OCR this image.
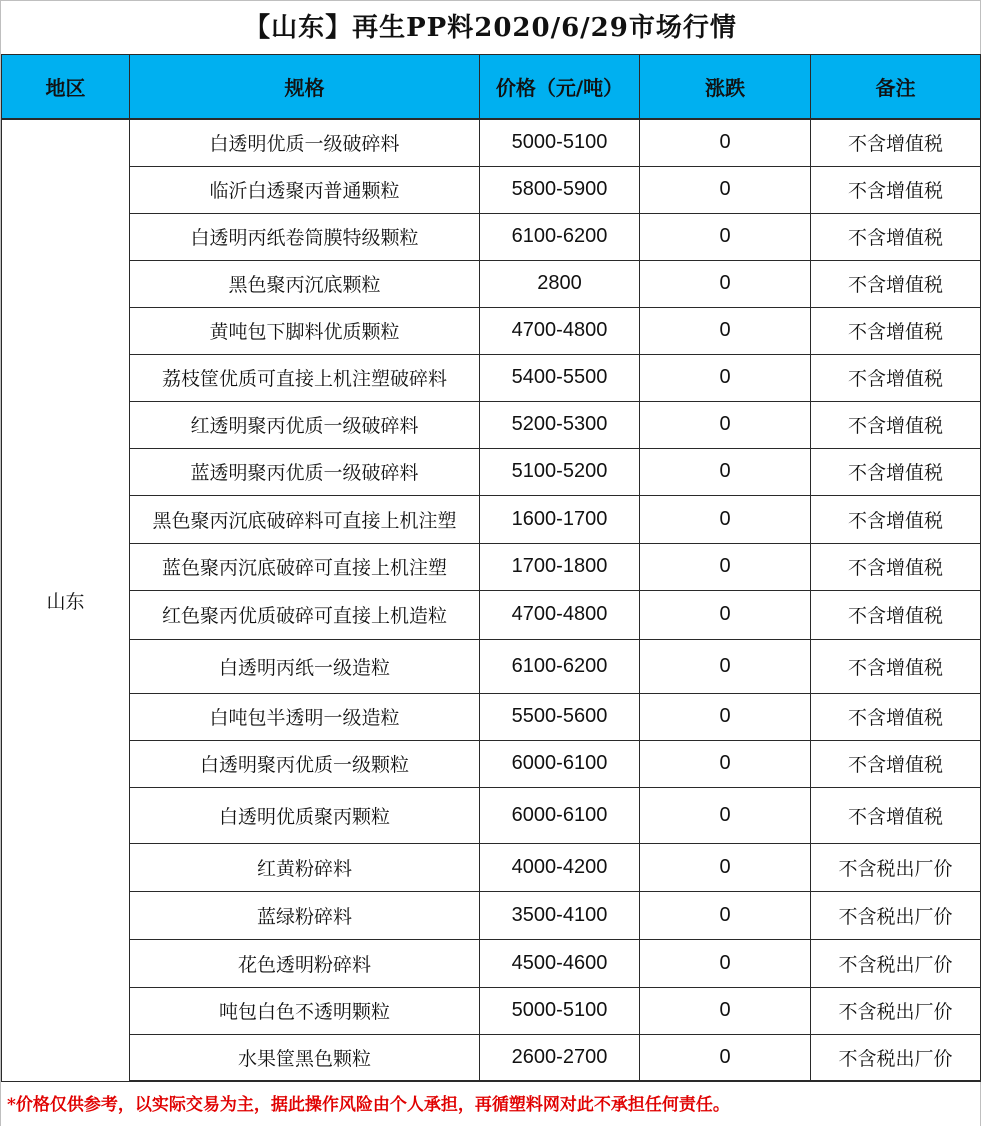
【山东】再生PP料2020/6/29市场行情
地区	规格	价格（元/吨）	涨跌	备注
山东	白透明优质一级破碎料	5000-5100	0	不含增值税
	临沂白透聚丙普通颗粒	5800-5900	0	不含增值税
	白透明丙纸卷筒膜特级颗粒	6100-6200	0	不含增值税
	黑色聚丙沉底颗粒	2800	0	不含增值税
	黄吨包下脚料优质颗粒	4700-4800	0	不含增值税
	荔枝筐优质可直接上机注塑破碎料	5400-5500	0	不含增值税
	红透明聚丙优质一级破碎料	5200-5300	0	不含增值税
	蓝透明聚丙优质一级破碎料	5100-5200	0	不含增值税
	黑色聚丙沉底破碎料可直接上机注塑	1600-1700	0	不含增值税
	蓝色聚丙沉底破碎可直接上机注塑	1700-1800	0	不含增值税
	红色聚丙优质破碎可直接上机造粒	4700-4800	0	不含增值税
	白透明丙纸一级造粒	6100-6200	0	不含增值税
	白吨包半透明一级造粒	5500-5600	0	不含增值税
	白透明聚丙优质一级颗粒	6000-6100	0	不含增值税
	白透明优质聚丙颗粒	6000-6100	0	不含增值税
	红黄粉碎料	4000-4200	0	不含税出厂价
	蓝绿粉碎料	3500-4100	0	不含税出厂价
	花色透明粉碎料	4500-4600	0	不含税出厂价
	吨包白色不透明颗粒	5000-5100	0	不含税出厂价
	水果筐黑色颗粒	2600-2700	0	不含税出厂价
*价格仅供参考，以实际交易为主，据此操作风险由个人承担，再循塑料网对此不承担任何责任。
